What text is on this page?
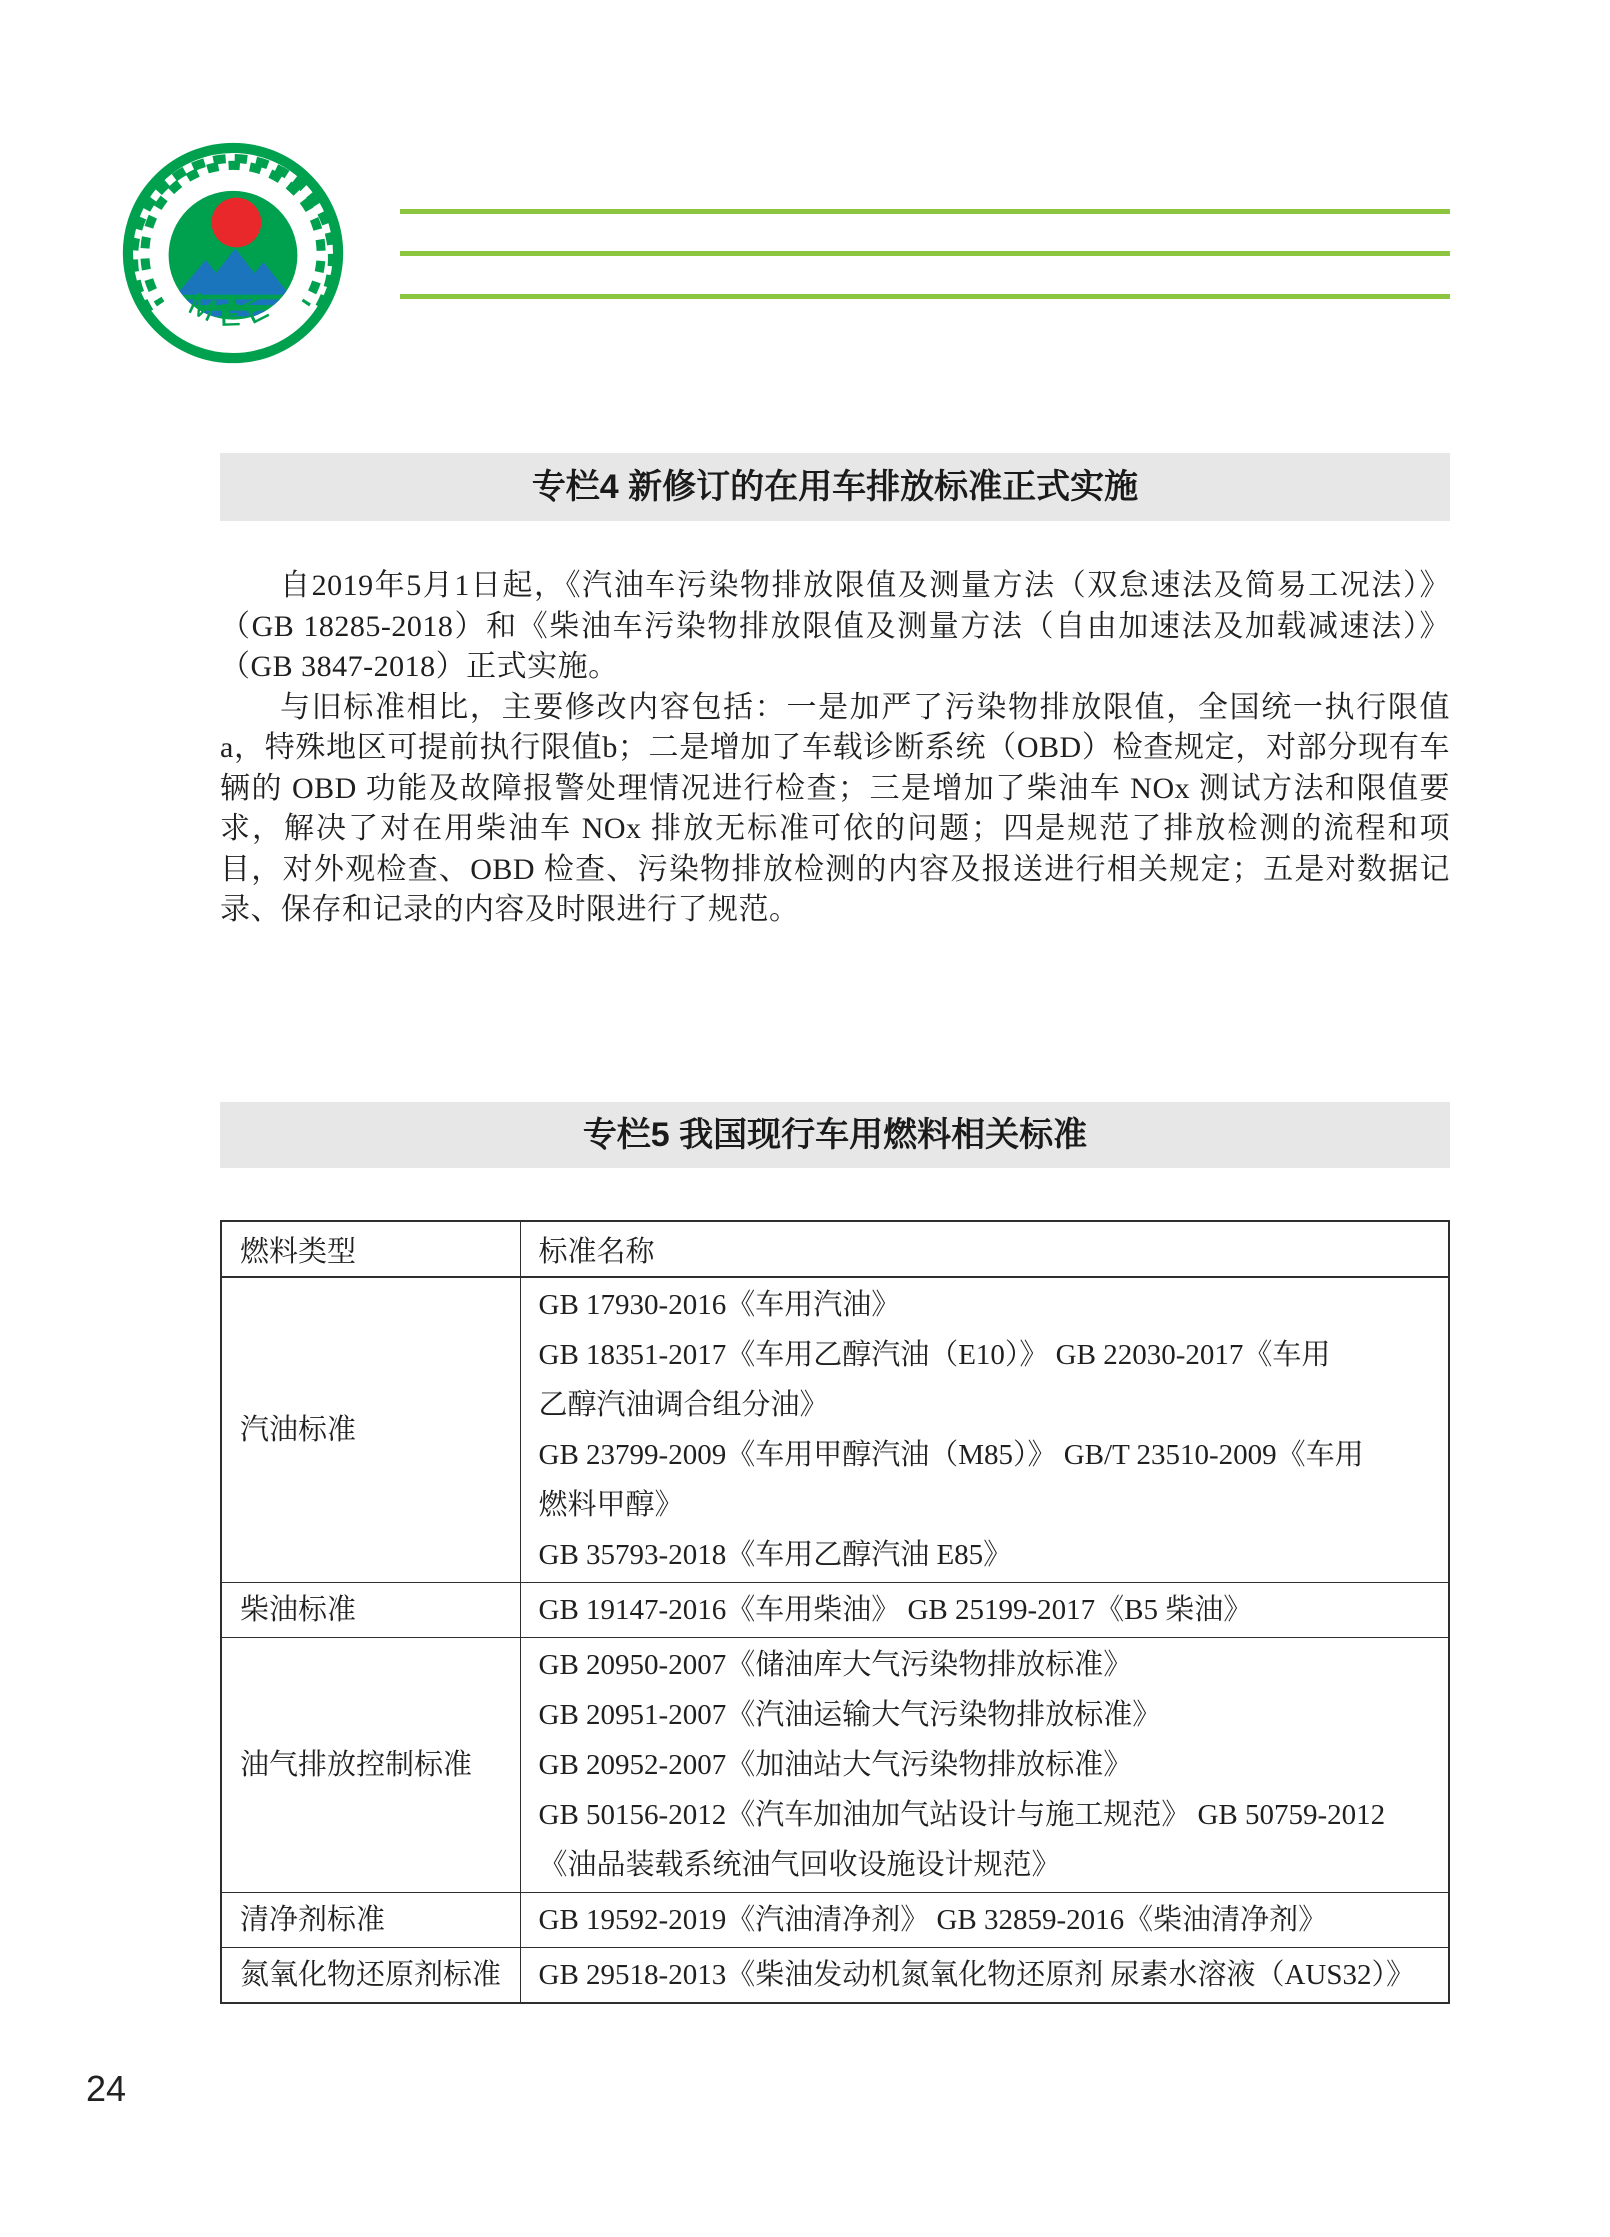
MEE
专栏4 新修订的在用车排放标准正式实施

自2019年5月1日起，《汽油车污染物排放限值及测量方法（双怠速法及简易工况法）》（GB 18285-2018）和《柴油车污染物排放限值及测量方法（自由加速法及加载减速法）》（GB 3847-2018）正式实施。

与旧标准相比，主要修改内容包括：一是加严了污染物排放限值，全国统一执行限值 a，特殊地区可提前执行限值b；二是增加了车载诊断系统（OBD）检查规定，对部分现有车辆的 OBD 功能及故障报警处理情况进行检查；三是增加了柴油车 NOx 测试方法和限值要求，解决了对在用柴油车 NOx 排放无标准可依的问题；四是规范了排放检测的流程和项目，对外观检查、OBD 检查、污染物排放检测的内容及报送进行相关规定；五是对数据记录、保存和记录的内容及时限进行了规范。

专栏5 我国现行车用燃料相关标准
燃料类型	标准名称
汽油标准	
GB 17930-2016《车用汽油》
GB 18351-2017《车用乙醇汽油（E10）》 GB 22030-2017《车用
乙醇汽油调合组分油》
GB 23799-2009《车用甲醇汽油（M85）》 GB/T 23510-2009《车用
燃料甲醇》
GB 35793-2018《车用乙醇汽油 E85》

柴油标准	GB 19147-2016《车用柴油》 GB 25199-2017《B5 柴油》

油气排放控制标准	GB 20950-2007《储油库大气污染物排放标准》
GB 20951-2007《汽油运输大气污染物排放标准》
GB 20952-2007《加油站大气污染物排放标准》
GB 50156-2012《汽车加油加气站设计与施工规范》 GB 50759-2012
《油品装载系统油气回收设施设计规范》

清净剂标准	GB 19592-2019《汽油清净剂》 GB 32859-2016《柴油清净剂》

氮氧化物还原剂标准	GB 29518-2013《柴油发动机氮氧化物还原剂 尿素水溶液（AUS32）》
24
